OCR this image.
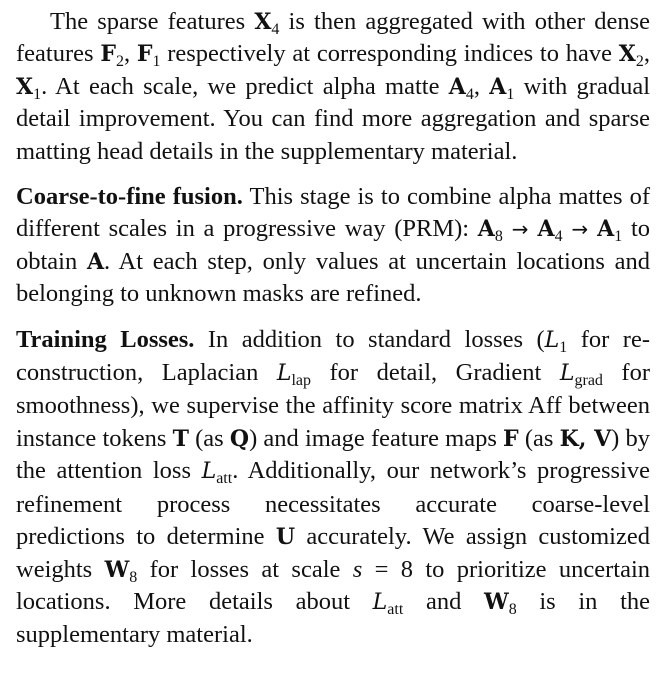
The sparse features $X_4$ is then aggregated with other dense features $F_2$, $F_1$ respectively at corresponding indices to have $X_2$, $X_1$. At each scale, we predict alpha matte $A_4$, $A_1$ with gradual detail improvement. You can find more aggregation and sparse matting head details in the supplementary material.

Coarse-to-fine fusion. This stage is to combine alpha mattes of different scales in a progressive way (PRM): $A_8 \to A_4 \to A_1$ to obtain A. At each step, only values at uncertain locations and belonging to unknown masks are refined.

Training Losses. In addition to standard losses ($L_1$ for reconstruction, Laplacian $L_{lap}$ for detail, Gradient $L_{grad}$ for smoothness), we supervise the affinity score matrix Aff between instance tokens T (as Q) and image feature maps F (as K, V) by the attention loss $L_{att}$. Additionally, our network’s progressive refinement process necessitates accurate coarse-level predictions to determine U accurately. We assign customized weights $W_8$ for losses at scale s = 8 to prioritize uncertain locations. More details about $L_{att}$ and $W_8$ is in the supplementary material.
